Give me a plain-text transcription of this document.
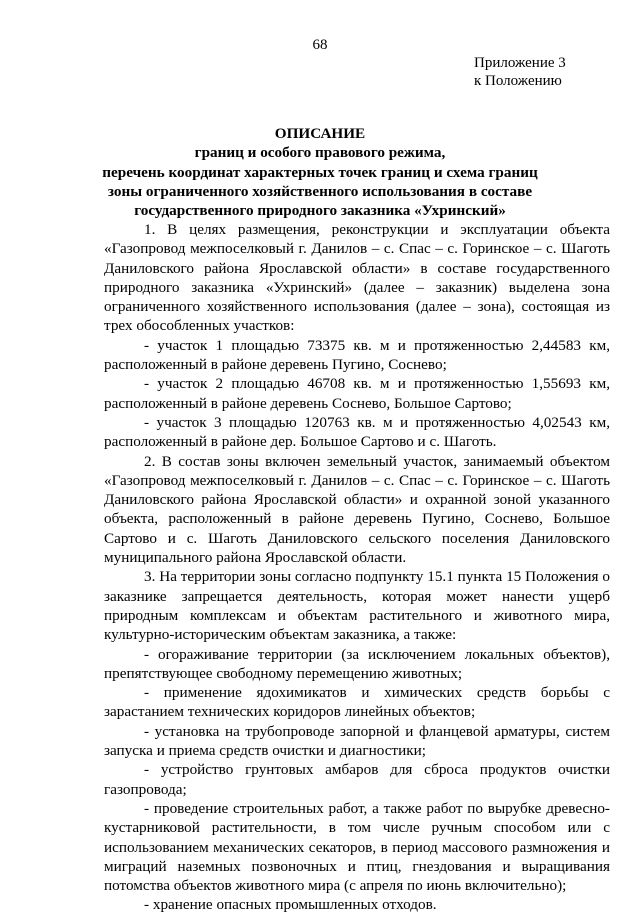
68
Приложение 3
к Положению
ОПИСАНИЕ
границ и особого правового режима,
перечень координат характерных точек границ и схема границ
зоны ограниченного хозяйственного использования в составе
государственного природного заказника «Ухринский»

1. В целях размещения, реконструкции и эксплуатации объекта «Газопровод межпоселковый г. Данилов – с. Спас – с. Горинское – с. Шаготь Даниловского района Ярославской области» в составе государственного природного заказника «Ухринский» (далее – заказник) выделена зона ограниченного хозяйственного использования (далее – зона), состоящая из трех обособленных участков:

- участок 1 площадью 73375 кв. м и протяженностью 2,44583 км, расположенный в районе деревень Пугино, Соснево;

- участок 2 площадью 46708 кв. м и протяженностью 1,55693 км, расположенный в районе деревень Соснево, Большое Сартово;

- участок 3 площадью 120763 кв. м и протяженностью 4,02543 км, расположенный в районе дер. Большое Сартово и с. Шаготь.

2. В состав зоны включен земельный участок, занимаемый объектом «Газопровод межпоселковый г. Данилов – с. Спас – с. Горинское – с. Шаготь Даниловского района Ярославской области» и охранной зоной указанного объекта, расположенный в районе деревень Пугино, Соснево, Большое Сартово и с. Шаготь Даниловского сельского поселения Даниловского муниципального района Ярославской области.

3. На территории зоны согласно подпункту 15.1 пункта 15 Положения о заказнике запрещается деятельность, которая может нанести ущерб природным комплексам и объектам растительного и животного мира, культурно-историческим объектам заказника, а также:

- огораживание территории (за исключением локальных объектов), препятствующее свободному перемещению животных;

- применение ядохимикатов и химических средств борьбы с зарастанием технических коридоров линейных объектов;

- установка на трубопроводе запорной и фланцевой арматуры, систем запуска и приема средств очистки и диагностики;

- устройство грунтовых амбаров для сброса продуктов очистки газопровода;

- проведение строительных работ, а также работ по вырубке древесно-кустарниковой растительности, в том числе ручным способом или с использованием механических секаторов, в период массового размножения и миграций наземных позвоночных и птиц, гнездования и выращивания потомства объектов животного мира (с апреля по июнь включительно);

- хранение опасных промышленных отходов.
